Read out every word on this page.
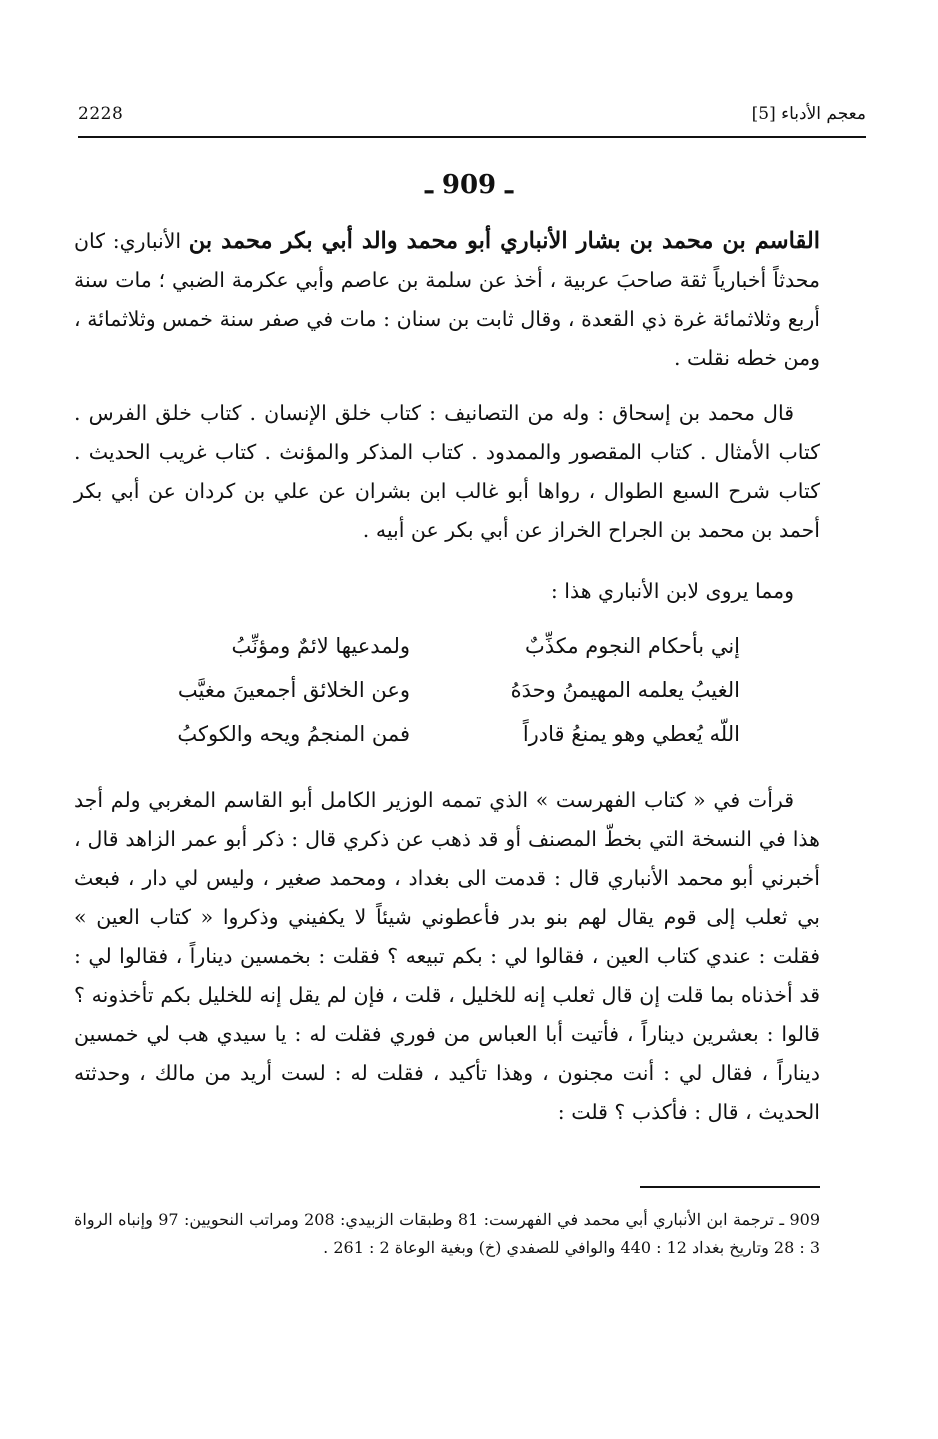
2228	معجم الأدباء [5]
ـ 909 ـ

القاسم بن محمد بن بشار الأنباري أبو محمد والد أبي بكر محمد بن الأنباري: كان محدثاً أخبارياً ثقة صاحبَ عربية ، أخذ عن سلمة بن عاصم وأبي عكرمة الضبي ؛ مات سنة أربع وثلاثمائة غرة ذي القعدة ، وقال ثابت بن سنان : مات في صفر سنة خمس وثلاثمائة ، ومن خطه نقلت .

قال محمد بن إسحاق : وله من التصانيف : كتاب خلق الإنسان . كتاب خلق الفرس . كتاب الأمثال . كتاب المقصور والممدود . كتاب المذكر والمؤنث . كتاب غريب الحديث . كتاب شرح السبع الطوال ، رواها أبو غالب ابن بشران عن علي بن كردان عن أبي بكر أحمد بن محمد بن الجراح الخراز عن أبي بكر عن أبيه .

ومما يروى لابن الأنباري هذا :

إني بأحكام النجوم مكذِّبٌ
ولمدعيها لائمٌ ومؤنِّبُ
الغيبُ يعلمه المهيمنُ وحدَهُ
وعن الخلائق أجمعينَ مغيَّب
اللّه يُعطي وهو يمنعُ قادراً
فمن المنجمُ ويحه والكوكبُ

قرأت في « كتاب الفهرست » الذي تممه الوزير الكامل أبو القاسم المغربي ولم أجد هذا في النسخة التي بخطّ المصنف أو قد ذهب عن ذكري قال : ذكر أبو عمر الزاهد قال ، أخبرني أبو محمد الأنباري قال : قدمت الى بغداد ، ومحمد صغير ، وليس لي دار ، فبعث بي ثعلب إلى قوم يقال لهم بنو بدر فأعطوني شيئاً لا يكفيني وذكروا « كتاب العين » فقلت : عندي كتاب العين ، فقالوا لي : بكم تبيعه ؟ فقلت : بخمسين ديناراً ، فقالوا لي : قد أخذناه بما قلت إن قال ثعلب إنه للخليل ، قلت ، فإن لم يقل إنه للخليل بكم تأخذونه ؟ قالوا : بعشرين ديناراً ، فأتيت أبا العباس من فوري فقلت له : يا سيدي هب لي خمسين ديناراً ، فقال لي : أنت مجنون ، وهذا تأكيد ، فقلت له : لست أريد من مالك ، وحدثته الحديث ، قال : فأكذب ؟ قلت :

909 ـ ترجمة ابن الأنباري أبي محمد في الفهرست: 81 وطبقات الزبيدي: 208 ومراتب النحويين: 97 وإنباه الرواة 3 : 28 وتاريخ بغداد 12 : 440 والوافي للصفدي (خ) وبغية الوعاة 2 : 261 .
